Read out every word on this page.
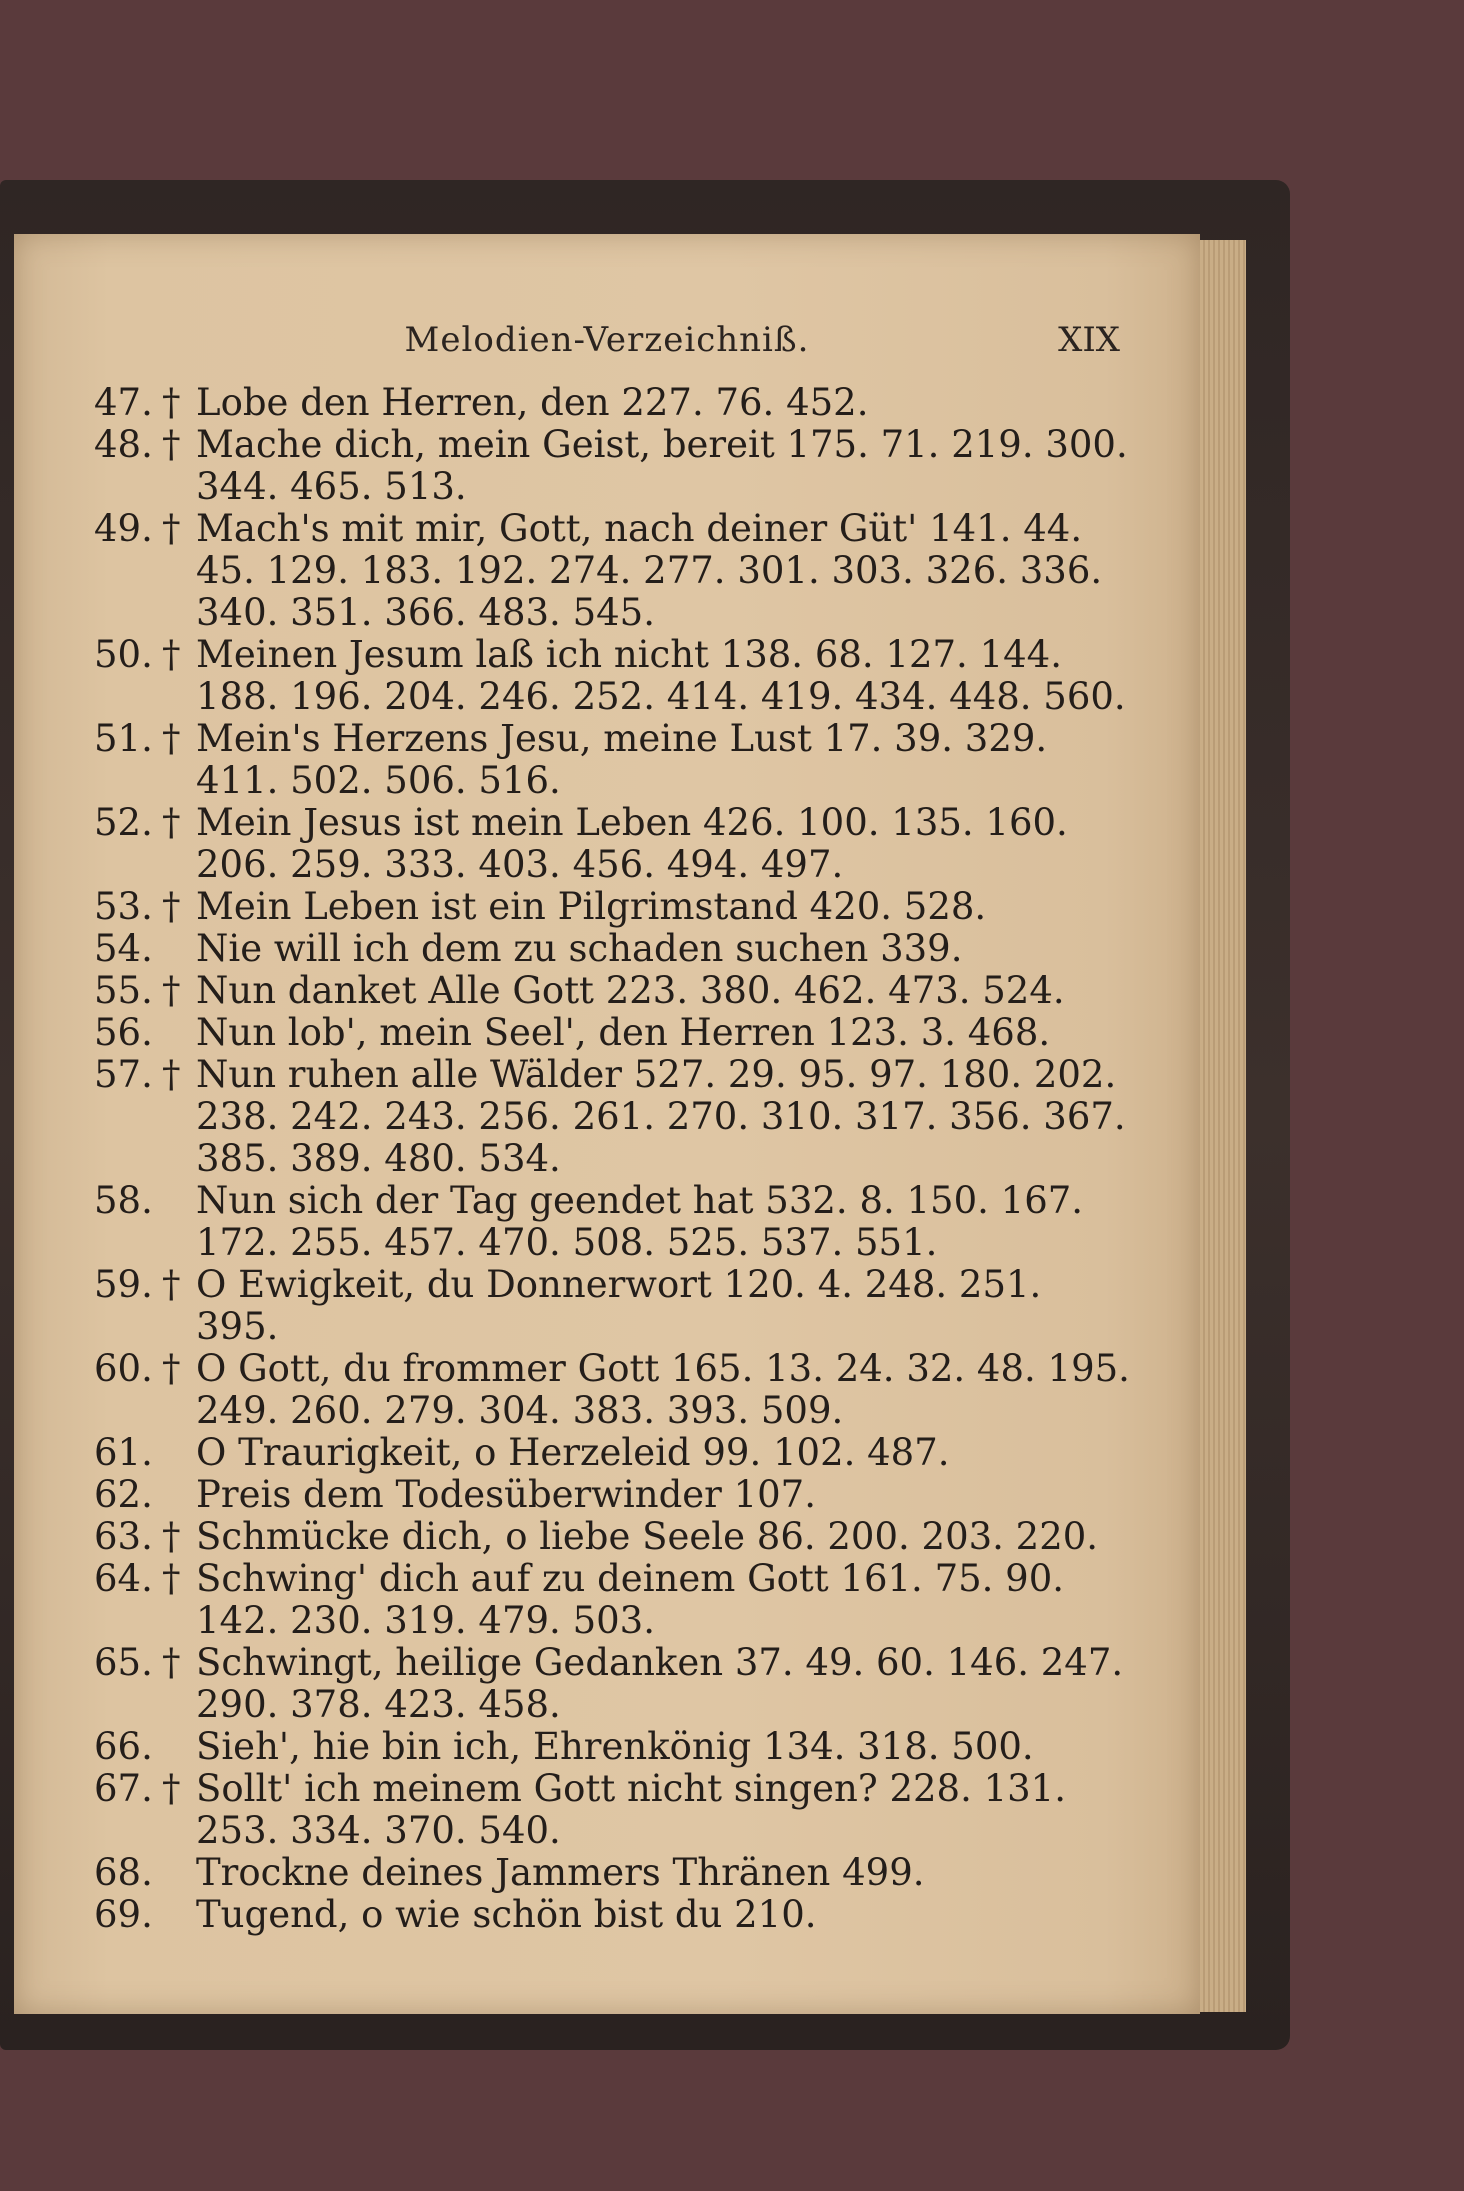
Melodien-Verzeichniß.	XIX
47. † Lobe den Herren, den 227. 76. 452.
48. † Mache dich, mein Geist, bereit 175. 71. 219. 300. 344. 465. 513.
49. † Mach's mit mir, Gott, nach deiner Güt' 141. 44. 45. 129. 183. 192. 274. 277. 301. 303. 326. 336. 340. 351. 366. 483. 545.
50. † Meinen Jesum laß ich nicht 138. 68. 127. 144. 188. 196. 204. 246. 252. 414. 419. 434. 448. 560.
51. † Mein's Herzens Jesu, meine Lust 17. 39. 329. 411. 502. 506. 516.
52. † Mein Jesus ist mein Leben 426. 100. 135. 160. 206. 259. 333. 403. 456. 494. 497.
53. † Mein Leben ist ein Pilgrimstand 420. 528.
54. Nie will ich dem zu schaden suchen 339.
55. † Nun danket Alle Gott 223. 380. 462. 473. 524.
56. Nun lob', mein Seel', den Herren 123. 3. 468.
57. † Nun ruhen alle Wälder 527. 29. 95. 97. 180. 202. 238. 242. 243. 256. 261. 270. 310. 317. 356. 367. 385. 389. 480. 534.
58. Nun sich der Tag geendet hat 532. 8. 150. 167. 172. 255. 457. 470. 508. 525. 537. 551.
59. † O Ewigkeit, du Donnerwort 120. 4. 248. 251. 395.
60. † O Gott, du frommer Gott 165. 13. 24. 32. 48. 195. 249. 260. 279. 304. 383. 393. 509.
61. O Traurigkeit, o Herzeleid 99. 102. 487.
62. Preis dem Todesüberwinder 107.
63. † Schmücke dich, o liebe Seele 86. 200. 203. 220.
64. † Schwing' dich auf zu deinem Gott 161. 75. 90. 142. 230. 319. 479. 503.
65. † Schwingt, heilige Gedanken 37. 49. 60. 146. 247. 290. 378. 423. 458.
66. Sieh', hie bin ich, Ehrenkönig 134. 318. 500.
67. † Sollt' ich meinem Gott nicht singen? 228. 131. 253. 334. 370. 540.
68. Trockne deines Jammers Thränen 499.
69. Tugend, o wie schön bist du 210.
